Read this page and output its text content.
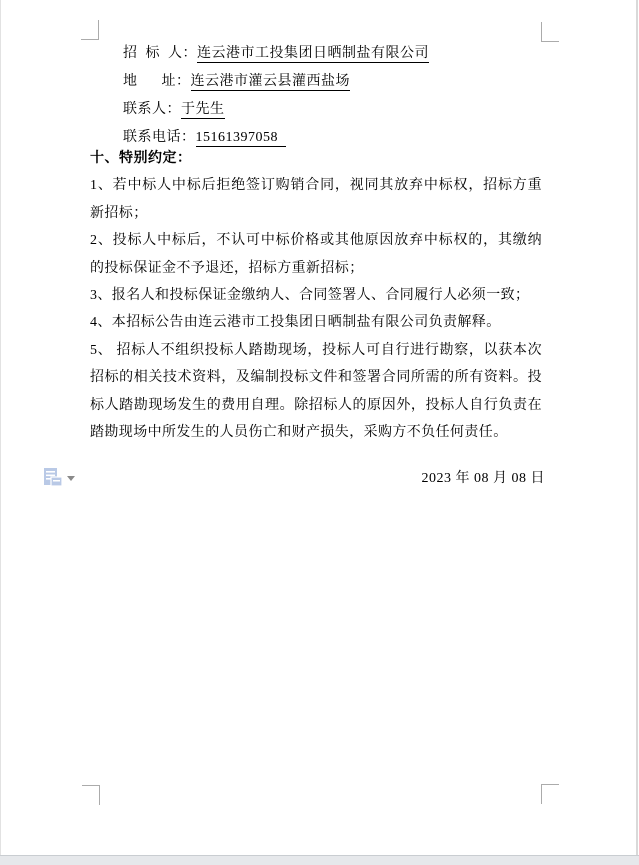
招  标  人：连云港市工投集团日晒制盐有限公司
地      址：连云港市灌云县灌西盐场
联系人：于先生
联系电话：15161397058

十、特别约定：

1、若中标人中标后拒绝签订购销合同，视同其放弃中标权，招标方重新招标；

2、投标人中标后，不认可中标价格或其他原因放弃中标权的，其缴纳的投标保证金不予退还，招标方重新招标；

3、报名人和投标保证金缴纳人、合同签署人、合同履行人必须一致；

4、本招标公告由连云港市工投集团日晒制盐有限公司负责解释。

5、 招标人不组织投标人踏勘现场，投标人可自行进行勘察，以获本次招标的相关技术资料，及编制投标文件和签署合同所需的所有资料。投标人踏勘现场发生的费用自理。除招标人的原因外，投标人自行负责在踏勘现场中所发生的人员伤亡和财产损失，采购方不负任何责任。

2023 年 08 月 08 日
